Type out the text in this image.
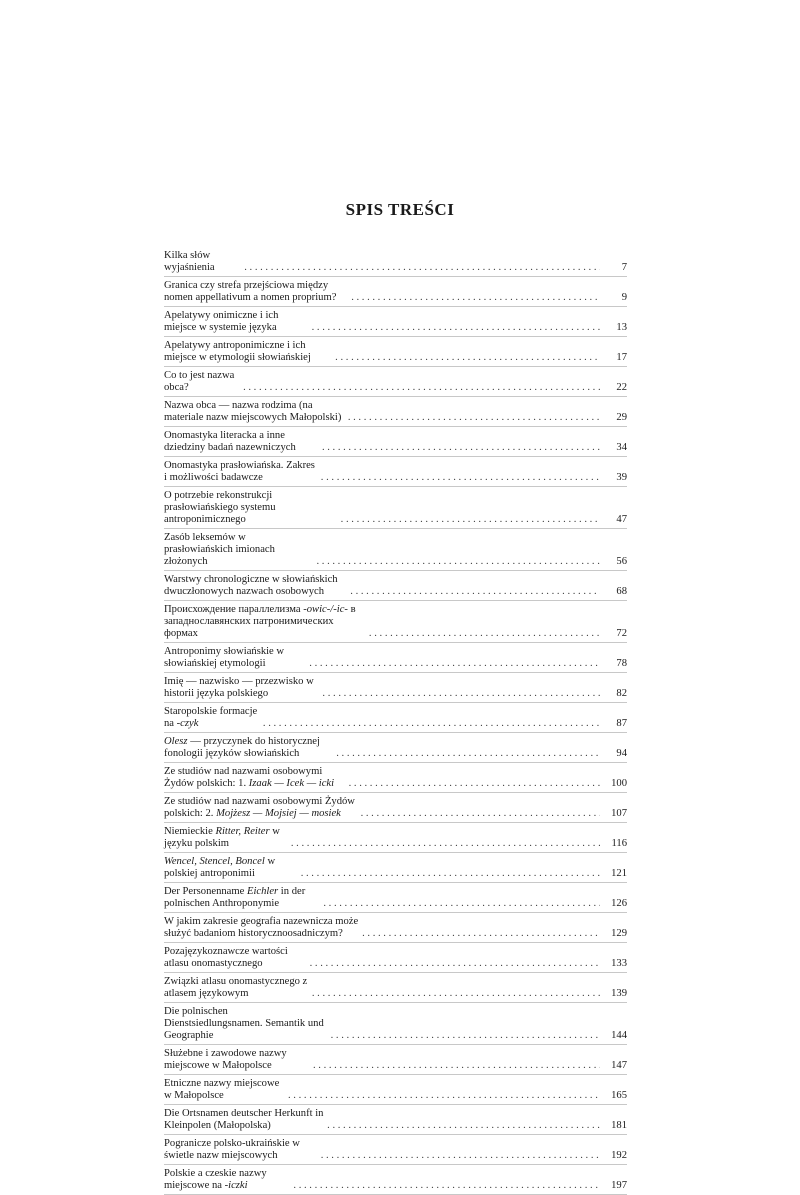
SPIS TREŚCI
Kilka słów wyjaśnienia . . .	7
Granica czy strefa przejściowa między nomen appellativum a nomen proprium? . . .	9
Apelatywy onimiczne i ich miejsce w systemie języka . . .	13
Apelatywy antroponimiczne i ich miejsce w etymologii słowiańskiej . . .	17
Co to jest nazwa obca? . . .	22
Nazwa obca — nazwa rodzima (na materiale nazw miejscowych Małopolski) . . .	29
Onomastyka literacka a inne dziedziny badań nazewniczych . . .	34
Onomastyka prasłowiańska. Zakres i możliwości badawcze . . .	39
O potrzebie rekonstrukcji prasłowiańskiego systemu antroponimicznego . . .	47
Zasób leksemów w prasłowiańskich imionach złożonych . . .	56
Warstwy chronologiczne w słowiańskich dwuczłonowych nazwach osobowych . . .	68
Происхождение параллелизма -owic-/-ic- в западнославянских патронимических формах . . .	72
Antroponimy słowiańskie w słowiańskiej etymologii . . .	78
Imię — nazwisko — przezwisko w historii języka polskiego . . .	82
Staropolskie formacje na -czyk . . .	87
Olesz — przyczynek do historycznej fonologii języków słowiańskich . . .	94
Ze studiów nad nazwami osobowymi Żydów polskich: 1. Izaak — Icek — icki . . .	100
Ze studiów nad nazwami osobowymi Żydów polskich: 2. Mojżesz — Mojsiej — mosiek . . .	107
Niemieckie Ritter, Reiter w języku polskim . . .	116
Wencel, Stencel, Boncel w polskiej antroponimii . . .	121
Der Personenname Eichler in der polnischen Anthroponymie . . .	126
W jakim zakresie geografia nazewnicza może służyć badaniom historycznoosadniczym? . . .	129
Pozajęzykoznawcze wartości atlasu onomastycznego . . .	133
Związki atlasu onomastycznego z atlasem językowym . . .	139
Die polnischen Dienstsiedlungsnamen. Semantik und Geographie . . .	144
Służebne i zawodowe nazwy miejscowe w Małopolsce . . .	147
Etniczne nazwy miejscowe w Małopolsce . . .	165
Die Ortsnamen deutscher Herkunft in Kleinpolen (Małopolska) . . .	181
Pogranicze polsko-ukraińskie w świetle nazw miejscowych . . .	192
Polskie a czeskie nazwy miejscowe na -iczki . . .	197
